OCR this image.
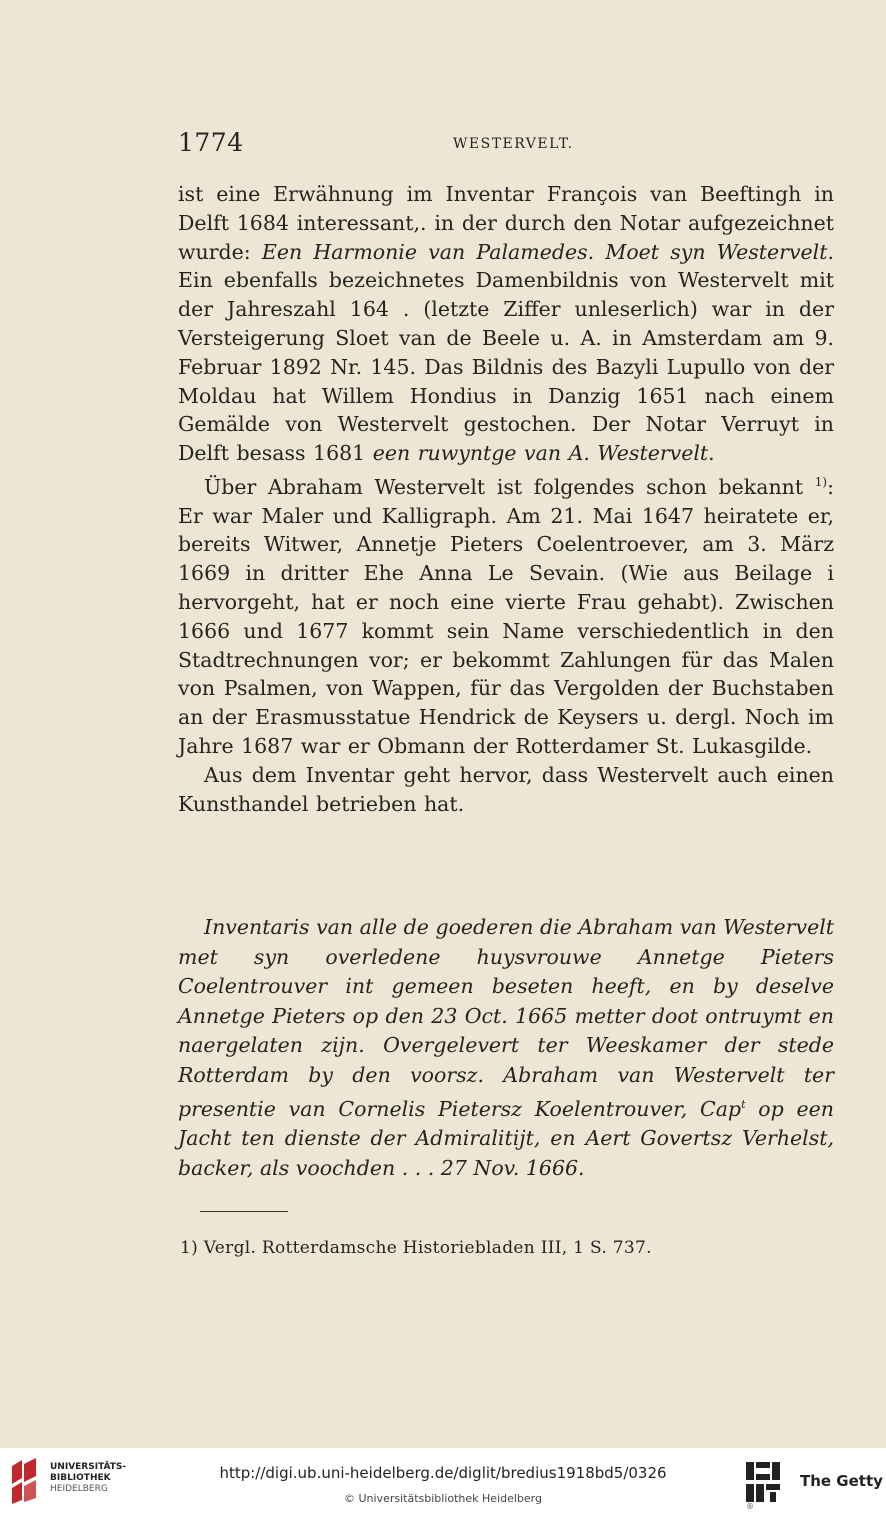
1774	WESTERVELT.

ist eine Erwähnung im Inventar François van Beeftingh in Delft 1684 interessant,. in der durch den Notar aufgezeichnet wurde: Een Harmonie van Palamedes. Moet syn Westervelt. Ein ebenfalls bezeichnetes Damenbildnis von Westervelt mit der Jahreszahl 164 . (letzte Ziffer unleserlich) war in der Versteigerung Sloet van de Beele u. A. in Amsterdam am 9. Februar 1892 Nr. 145. Das Bildnis des Bazyli Lupullo von der Moldau hat Willem Hondius in Danzig 1651 nach einem Gemälde von Westervelt gestochen. Der Notar Verruyt in Delft besass 1681 een ruwyntge van A. Westervelt.

Über Abraham Westervelt ist folgendes schon bekannt $^{1)}$: Er war Maler und Kalligraph. Am 21. Mai 1647 heiratete er, bereits Witwer, Annetje Pieters Coelentroever, am 3. März 1669 in dritter Ehe Anna Le Sevain. (Wie aus Beilage i hervorgeht, hat er noch eine vierte Frau gehabt). Zwischen 1666 und 1677 kommt sein Name verschiedentlich in den Stadtrechnungen vor; er bekommt Zahlungen für das Malen von Psalmen, von Wappen, für das Vergolden der Buchstaben an der Erasmusstatue Hendrick de Keysers u. dergl. Noch im Jahre 1687 war er Obmann der Rotterdamer St. Lukasgilde.

Aus dem Inventar geht hervor, dass Westervelt auch einen Kunsthandel betrieben hat.

Inventaris van alle de goederen die Abraham van Westervelt met syn overledene huysvrouwe Annetge Pieters Coelentrouver int gemeen beseten heeft, en by deselve Annetge Pieters op den 23 Oct. 1665 metter doot ontruymt en naergelaten zijn. Overgelevert ter Weeskamer der stede Rotterdam by den voorsz. Abraham van Westervelt ter presentie van Cornelis Pietersz Koelentrouver, Cap$^t$ op een Jacht ten dienste der Admiralitijt, en Aert Govertsz Verhelst, backer, als voochden . . . 27 Nov. 1666.

1) Vergl. Rotterdamsche Historiebladen III, 1 S. 737.
UNIVERSITÄTS-
BIBLIOTHEK
HEIDELBERG
http://digi.ub.uni-heidelberg.de/diglit/bredius1918bd5/0326
© Universitätsbibliothek Heidelberg
®
The Getty
